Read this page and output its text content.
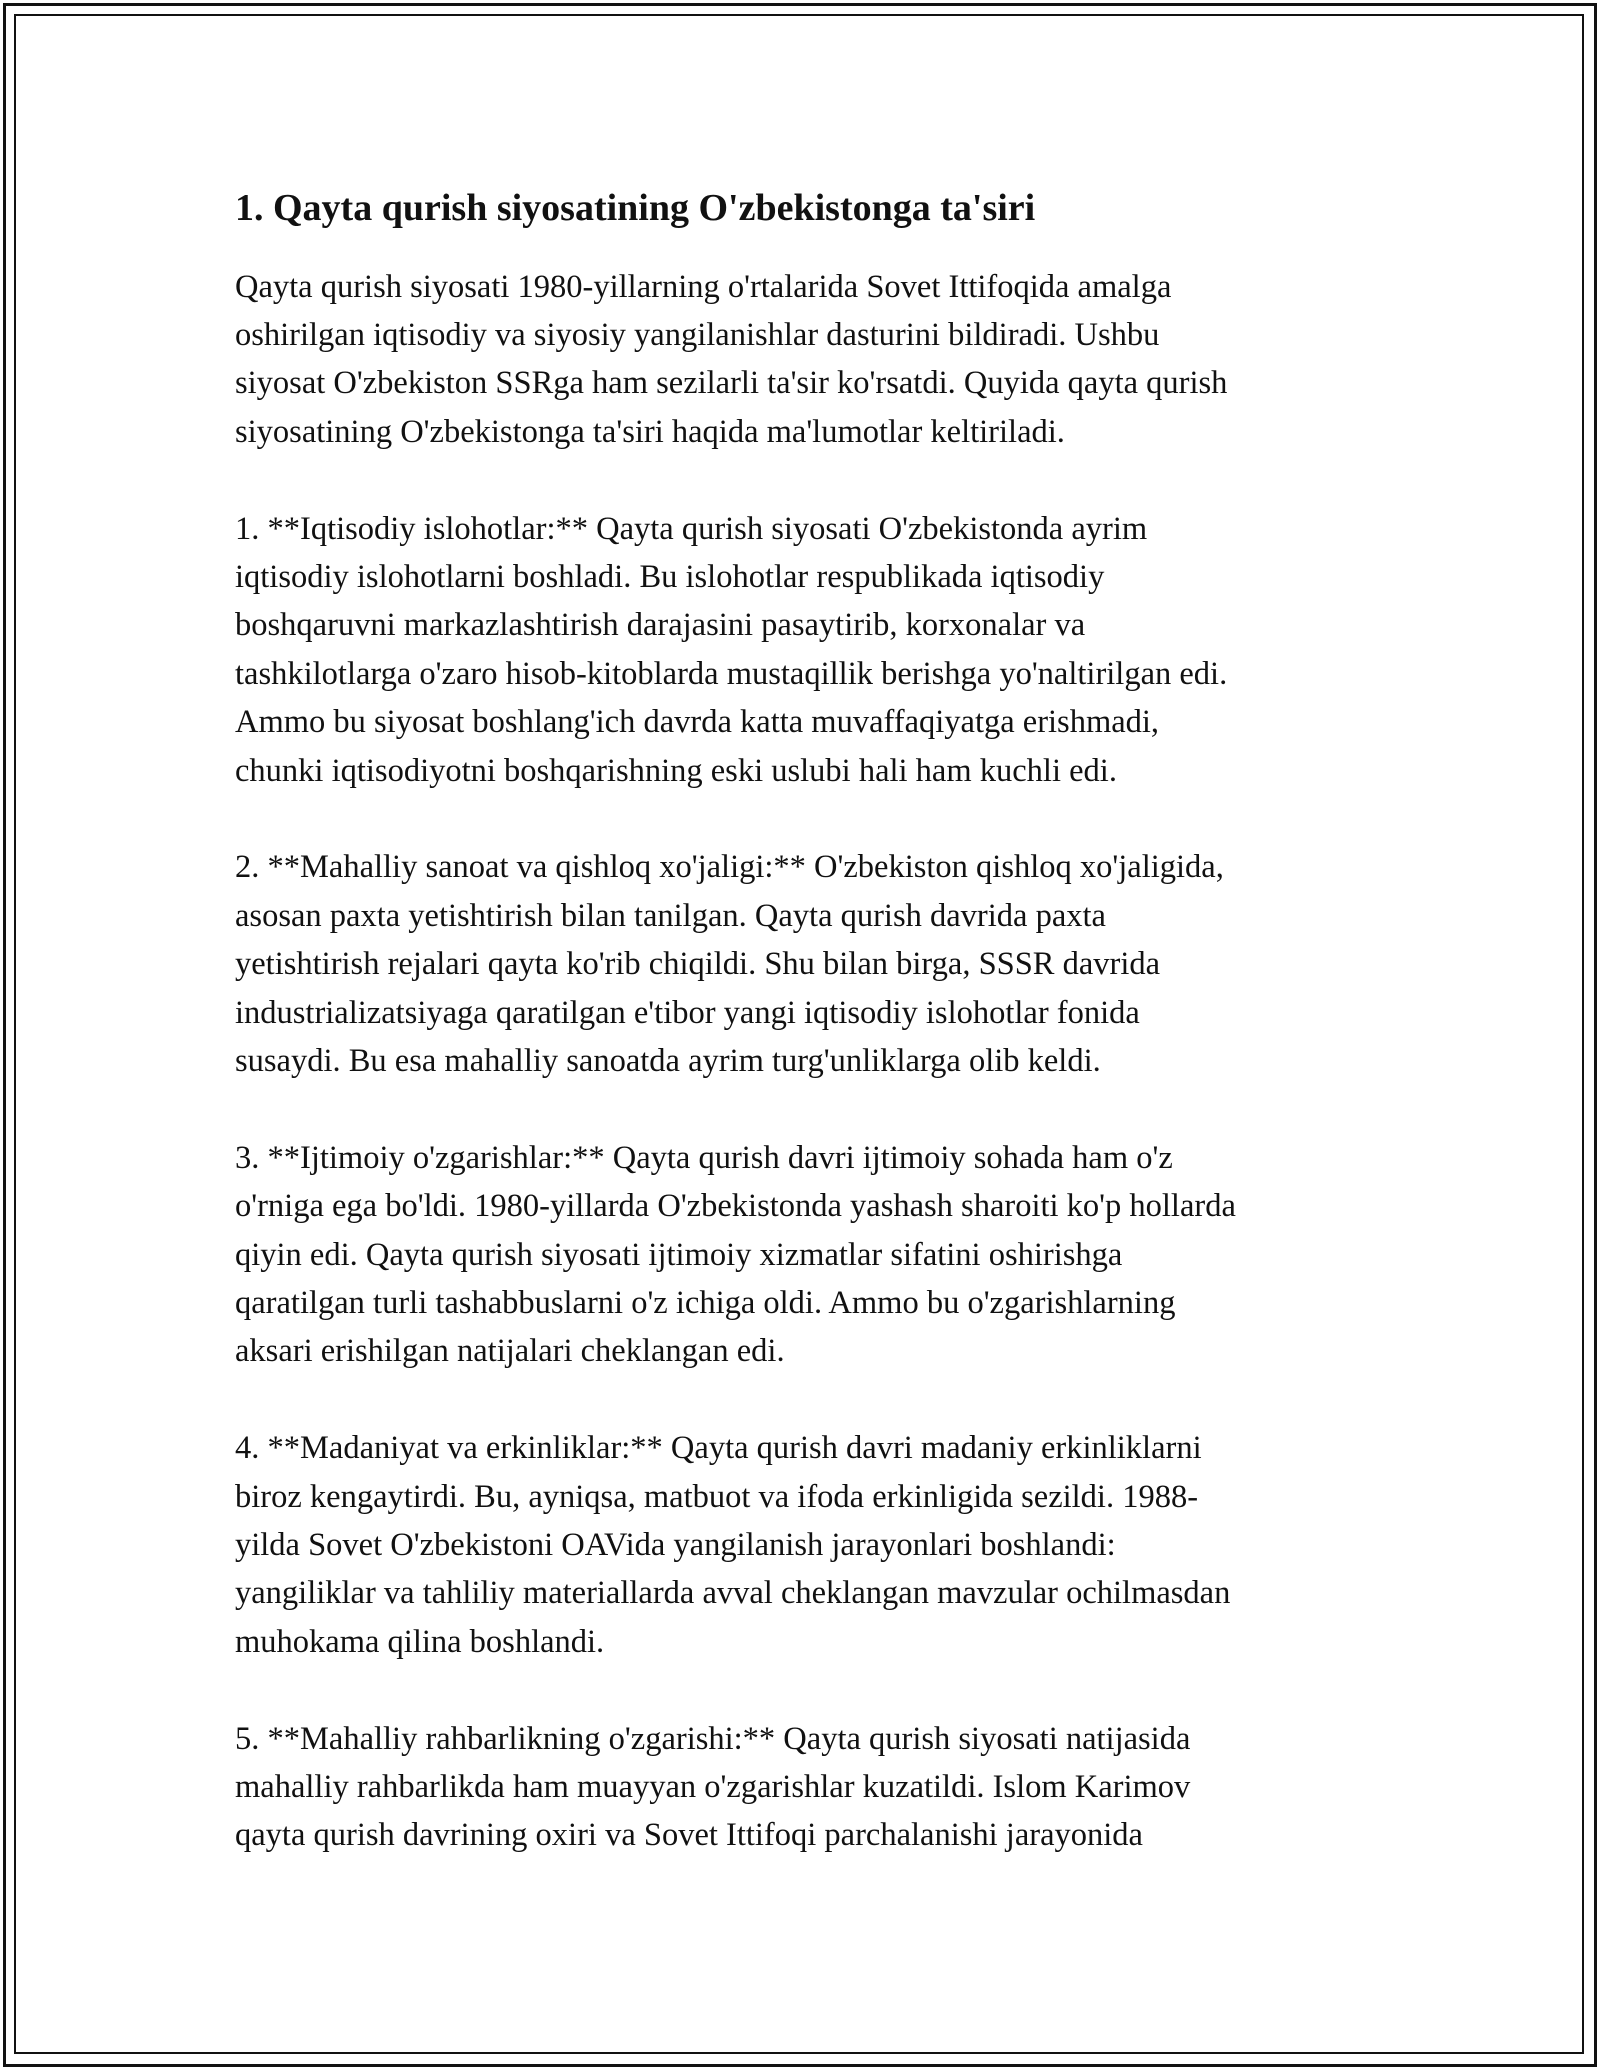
1. Qayta qurish siyosatining O'zbekistonga ta'siri
Qayta qurish siyosati 1980-yillarning o'rtalarida Sovet Ittifoqida amalga
oshirilgan iqtisodiy va siyosiy yangilanishlar dasturini bildiradi. Ushbu
siyosat O'zbekiston SSRga ham sezilarli ta'sir ko'rsatdi. Quyida qayta qurish
siyosatining O'zbekistonga ta'siri haqida ma'lumotlar keltiriladi.
1. **Iqtisodiy islohotlar:** Qayta qurish siyosati O'zbekistonda ayrim
iqtisodiy islohotlarni boshladi. Bu islohotlar respublikada iqtisodiy
boshqaruvni markazlashtirish darajasini pasaytirib, korxonalar va
tashkilotlarga o'zaro hisob-kitoblarda mustaqillik berishga yo'naltirilgan edi.
Ammo bu siyosat boshlang'ich davrda katta muvaffaqiyatga erishmadi,
chunki iqtisodiyotni boshqarishning eski uslubi hali ham kuchli edi.
2. **Mahalliy sanoat va qishloq xo'jaligi:** O'zbekiston qishloq xo'jaligida,
asosan paxta yetishtirish bilan tanilgan. Qayta qurish davrida paxta
yetishtirish rejalari qayta ko'rib chiqildi. Shu bilan birga, SSSR davrida
industrializatsiyaga qaratilgan e'tibor yangi iqtisodiy islohotlar fonida
susaydi. Bu esa mahalliy sanoatda ayrim turg'unliklarga olib keldi.
3. **Ijtimoiy o'zgarishlar:** Qayta qurish davri ijtimoiy sohada ham o'z
o'rniga ega bo'ldi. 1980-yillarda O'zbekistonda yashash sharoiti ko'p hollarda
qiyin edi. Qayta qurish siyosati ijtimoiy xizmatlar sifatini oshirishga
qaratilgan turli tashabbuslarni o'z ichiga oldi. Ammo bu o'zgarishlarning
aksari erishilgan natijalari cheklangan edi.
4. **Madaniyat va erkinliklar:** Qayta qurish davri madaniy erkinliklarni
biroz kengaytirdi. Bu, ayniqsa, matbuot va ifoda erkinligida sezildi. 1988-
yilda Sovet O'zbekistoni OAVida yangilanish jarayonlari boshlandi:
yangiliklar va tahliliy materiallarda avval cheklangan mavzular ochilmasdan
muhokama qilina boshlandi.
5. **Mahalliy rahbarlikning o'zgarishi:** Qayta qurish siyosati natijasida
mahalliy rahbarlikda ham muayyan o'zgarishlar kuzatildi. Islom Karimov
qayta qurish davrining oxiri va Sovet Ittifoqi parchalanishi jarayonida
